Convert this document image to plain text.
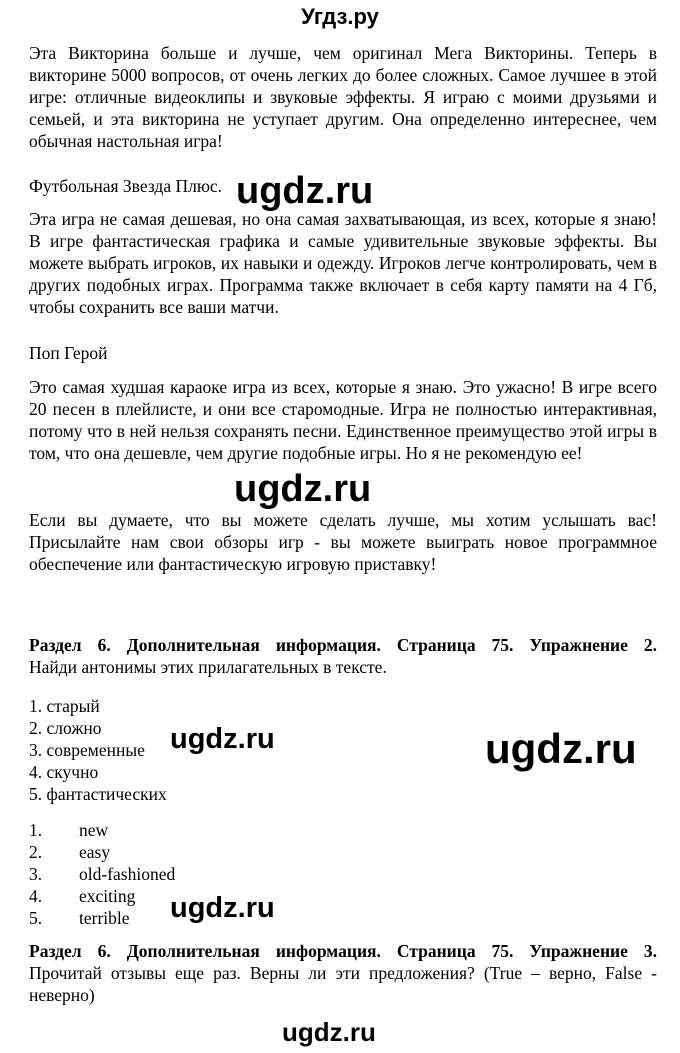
Угдз.ру
Эта Викторина больше и лучше, чем оригинал Мега Викторины. Теперь в викторине 5000 вопросов, от очень легких до более сложных. Самое лучшее в этой игре: отличные видеоклипы и звуковые эффекты. Я играю с моими друзьями и семьей, и эта викторина не уступает другим. Она определенно интереснее, чем обычная настольная игра!
Футбольная Звезда Плюс.
Эта игра не самая дешевая, но она самая захватывающая, из всех, которые я знаю! В игре фантастическая графика и самые удивительные звуковые эффекты. Вы можете выбрать игроков, их навыки и одежду. Игроков легче контролировать, чем в других подобных играх. Программа также включает в себя карту памяти на 4 Гб, чтобы сохранить все ваши матчи.
Поп Герой
Это самая худшая караоке игра из всех, которые я знаю. Это ужасно! В игре всего 20 песен в плейлисте, и они все старомодные. Игра не полностью интерактивная, потому что в ней нельзя сохранять песни. Единственное преимущество этой игры в том, что она дешевле, чем другие подобные игры. Но я не рекомендую ее!
Если вы думаете, что вы можете сделать лучше, мы хотим услышать вас! Присылайте нам свои обзоры игр - вы можете выиграть новое программное обеспечение или фантастическую игровую приставку!
Раздел 6. Дополнительная информация. Страница 75. Упражнение 2.
Найди антонимы этих прилагательных в тексте.
1. старый
2. сложно
3. современные
4. скучно
5. фантастических
1. new
2. easy
3. old-fashioned
4. exciting
5. terrible
Раздел 6. Дополнительная информация. Страница 75. Упражнение 3.
Прочитай отзывы еще раз. Верны ли эти предложения? (True – верно, False - неверно)
ugdz.ru
ugdz.ru
ugdz.ru	ugdz.ru
ugdz.ru
ugdz.ru
